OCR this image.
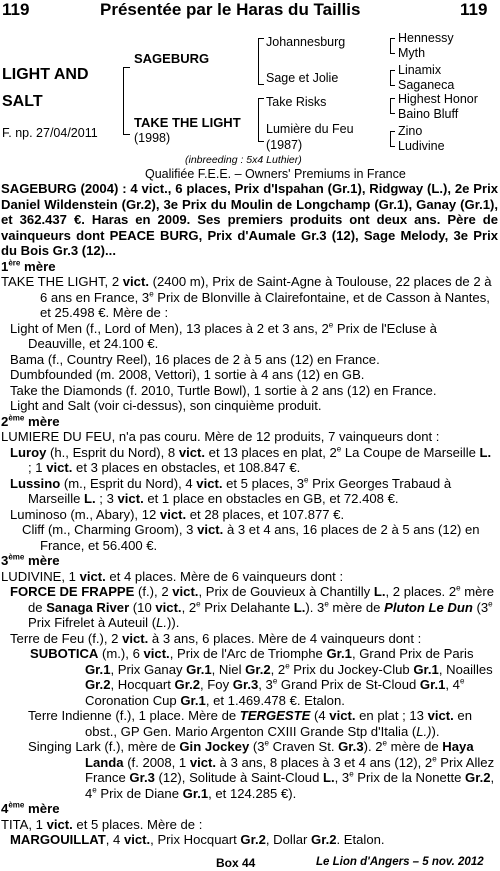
119	Présentée par le Haras du Taillis	119
LIGHT AND
SALT
F. np. 27/04/2011
SAGEBURG
TAKE THE LIGHT
(1998)
Johannesburg
Sage et Jolie
Take Risks
Lumière du Feu
(1987)
Hennessy
Myth
Linamix
Saganeca
Highest Honor
Baino Bluff
Zino
Ludivine
(inbreeding : 5x4 Luthier)
Qualifiée F.E.E. – Owners' Premiums in France

SAGEBURG (2004) : 4 vict., 6 places, Prix d'Ispahan (Gr.1), Ridgway (L.), 2e Prix Daniel Wildenstein (Gr.2), 3e Prix du Moulin de Longchamp (Gr.1), Ganay (Gr.1), et 362.437 €. Haras en 2009. Ses premiers produits ont deux ans. Père de vainqueurs dont PEACE BURG, Prix d'Aumale Gr.3 (12), Sage Melody, 3e Prix du Bois Gr.3 (12)...

1ère mère

TAKE THE LIGHT, 2 vict. (2400 m), Prix de Saint-Agne à Toulouse, 22 places de 2 à 6 ans en France, 3e Prix de Blonville à Clairefontaine, et de Casson à Nantes, et 25.498 €. Mère de :

Light of Men (f., Lord of Men), 13 places à 2 et 3 ans, 2e Prix de l'Ecluse à Deauville, et 24.100 €.

Bama (f., Country Reel), 16 places de 2 à 5 ans (12) en France.

Dumbfounded (m. 2008, Vettori), 1 sortie à 4 ans (12) en GB.

Take the Diamonds (f. 2010, Turtle Bowl), 1 sortie à 2 ans (12) en France.

Light and Salt (voir ci-dessus), son cinquième produit.

2ème mère

LUMIERE DU FEU, n'a pas couru. Mère de 12 produits, 7 vainqueurs dont :

Luroy (h., Esprit du Nord), 8 vict. et 13 places en plat, 2e La Coupe de Marseille L. ; 1 vict. et 3 places en obstacles, et 108.847 €.

Lussino (m., Esprit du Nord), 4 vict. et 5 places, 3e Prix Georges Trabaud à Marseille L. ; 3 vict. et 1 place en obstacles en GB, et 72.408 €.

Luminoso (m., Abary), 12 vict. et 28 places, et 107.877 €.

Cliff (m., Charming Groom), 3 vict. à 3 et 4 ans, 16 places de 2 à 5 ans (12) en France, et 56.400 €.

3ème mère

LUDIVINE, 1 vict. et 4 places. Mère de 6 vainqueurs dont :

FORCE DE FRAPPE (f.), 2 vict., Prix de Gouvieux à Chantilly L., 2 places. 2e mère de Sanaga River (10 vict., 2e Prix Delahante L.). 3e mère de Pluton Le Dun (3e Prix Fifrelet à Auteuil (L.)).

Terre de Feu (f.), 2 vict. à 3 ans, 6 places. Mère de 4 vainqueurs dont :

SUBOTICA (m.), 6 vict., Prix de l'Arc de Triomphe Gr.1, Grand Prix de Paris Gr.1, Prix Ganay Gr.1, Niel Gr.2, 2e Prix du Jockey-Club Gr.1, Noailles Gr.2, Hocquart Gr.2, Foy Gr.3, 3e Grand Prix de St-Cloud Gr.1, 4e Coronation Cup Gr.1, et 1.469.478 €. Etalon.

Terre Indienne (f.), 1 place. Mère de TERGESTE (4 vict. en plat ; 13 vict. en obst., GP Gen. Mario Argenton CXIII Grande Stp d'Italia (L.)).

Singing Lark (f.), mère de Gin Jockey (3e Craven St. Gr.3). 2e mère de Haya Landa (f. 2008, 1 vict. à 3 ans, 8 places à 3 et 4 ans (12), 2e Prix Allez France Gr.3 (12), Solitude à Saint-Cloud L., 3e Prix de la Nonette Gr.2, 4e Prix de Diane Gr.1, et 124.285 €).

4ème mère

TITA, 1 vict. et 5 places. Mère de :

MARGOUILLAT, 4 vict., Prix Hocquart Gr.2, Dollar Gr.2. Etalon.

Box 44	Le Lion d'Angers – 5 nov. 2012
